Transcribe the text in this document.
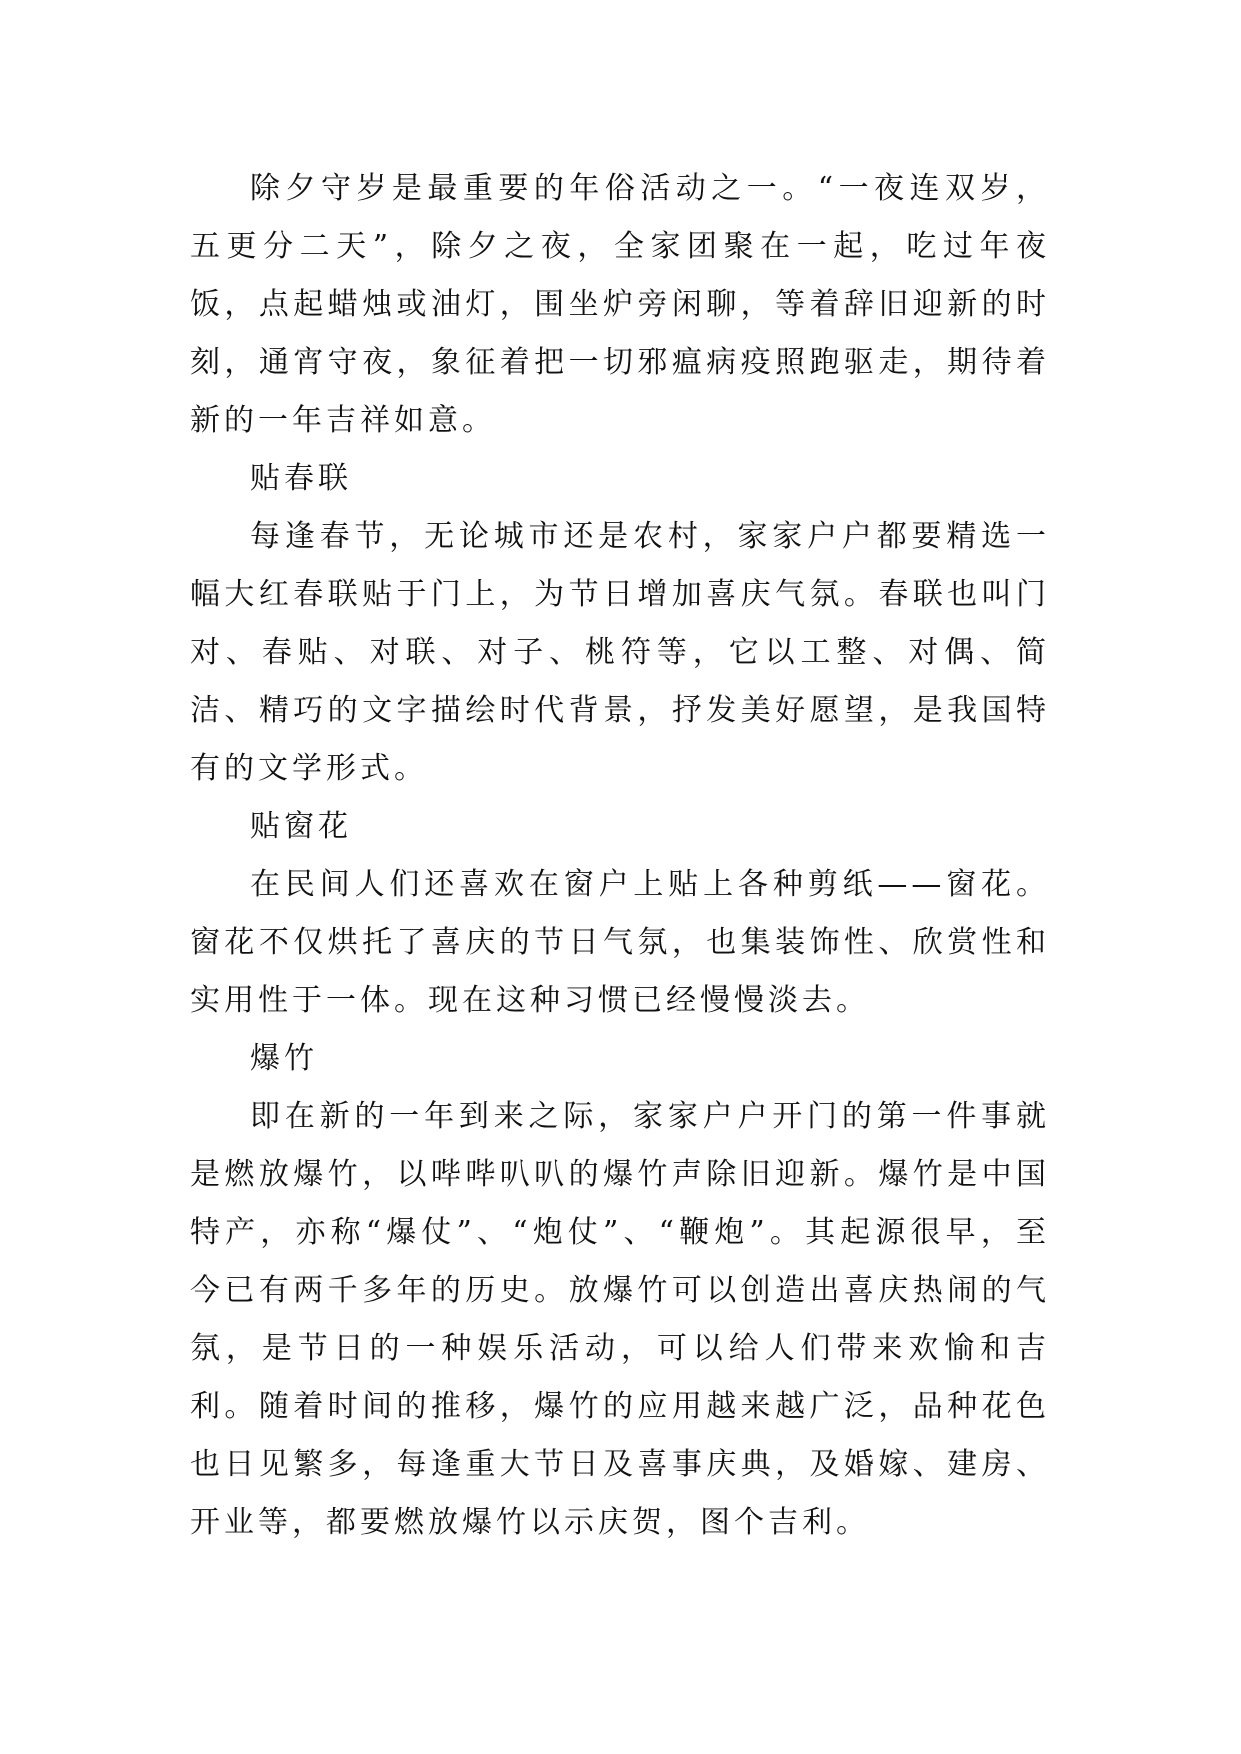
除夕守岁是最重要的年俗活动之一。“一夜连双岁，五更分二天”，除夕之夜，全家团聚在一起，吃过年夜饭，点起蜡烛或油灯，围坐炉旁闲聊，等着辞旧迎新的时刻，通宵守夜，象征着把一切邪瘟病疫照跑驱走，期待着新的一年吉祥如意。

贴春联

每逢春节，无论城市还是农村，家家户户都要精选一幅大红春联贴于门上，为节日增加喜庆气氛。春联也叫门对、春贴、对联、对子、桃符等，它以工整、对偶、简洁、精巧的文字描绘时代背景，抒发美好愿望，是我国特有的文学形式。

贴窗花

在民间人们还喜欢在窗户上贴上各种剪纸——窗花。窗花不仅烘托了喜庆的节日气氛，也集装饰性、欣赏性和实用性于一体。现在这种习惯已经慢慢淡去。

爆竹

即在新的一年到来之际，家家户户开门的第一件事就是燃放爆竹，以哔哔叭叭的爆竹声除旧迎新。爆竹是中国特产，亦称“爆仗”、“炮仗”、“鞭炮”。其起源很早，至今已有两千多年的历史。放爆竹可以创造出喜庆热闹的气氛，是节日的一种娱乐活动，可以给人们带来欢愉和吉利。随着时间的推移，爆竹的应用越来越广泛，品种花色也日见繁多，每逢重大节日及喜事庆典，及婚嫁、建房、开业等，都要燃放爆竹以示庆贺，图个吉利。
